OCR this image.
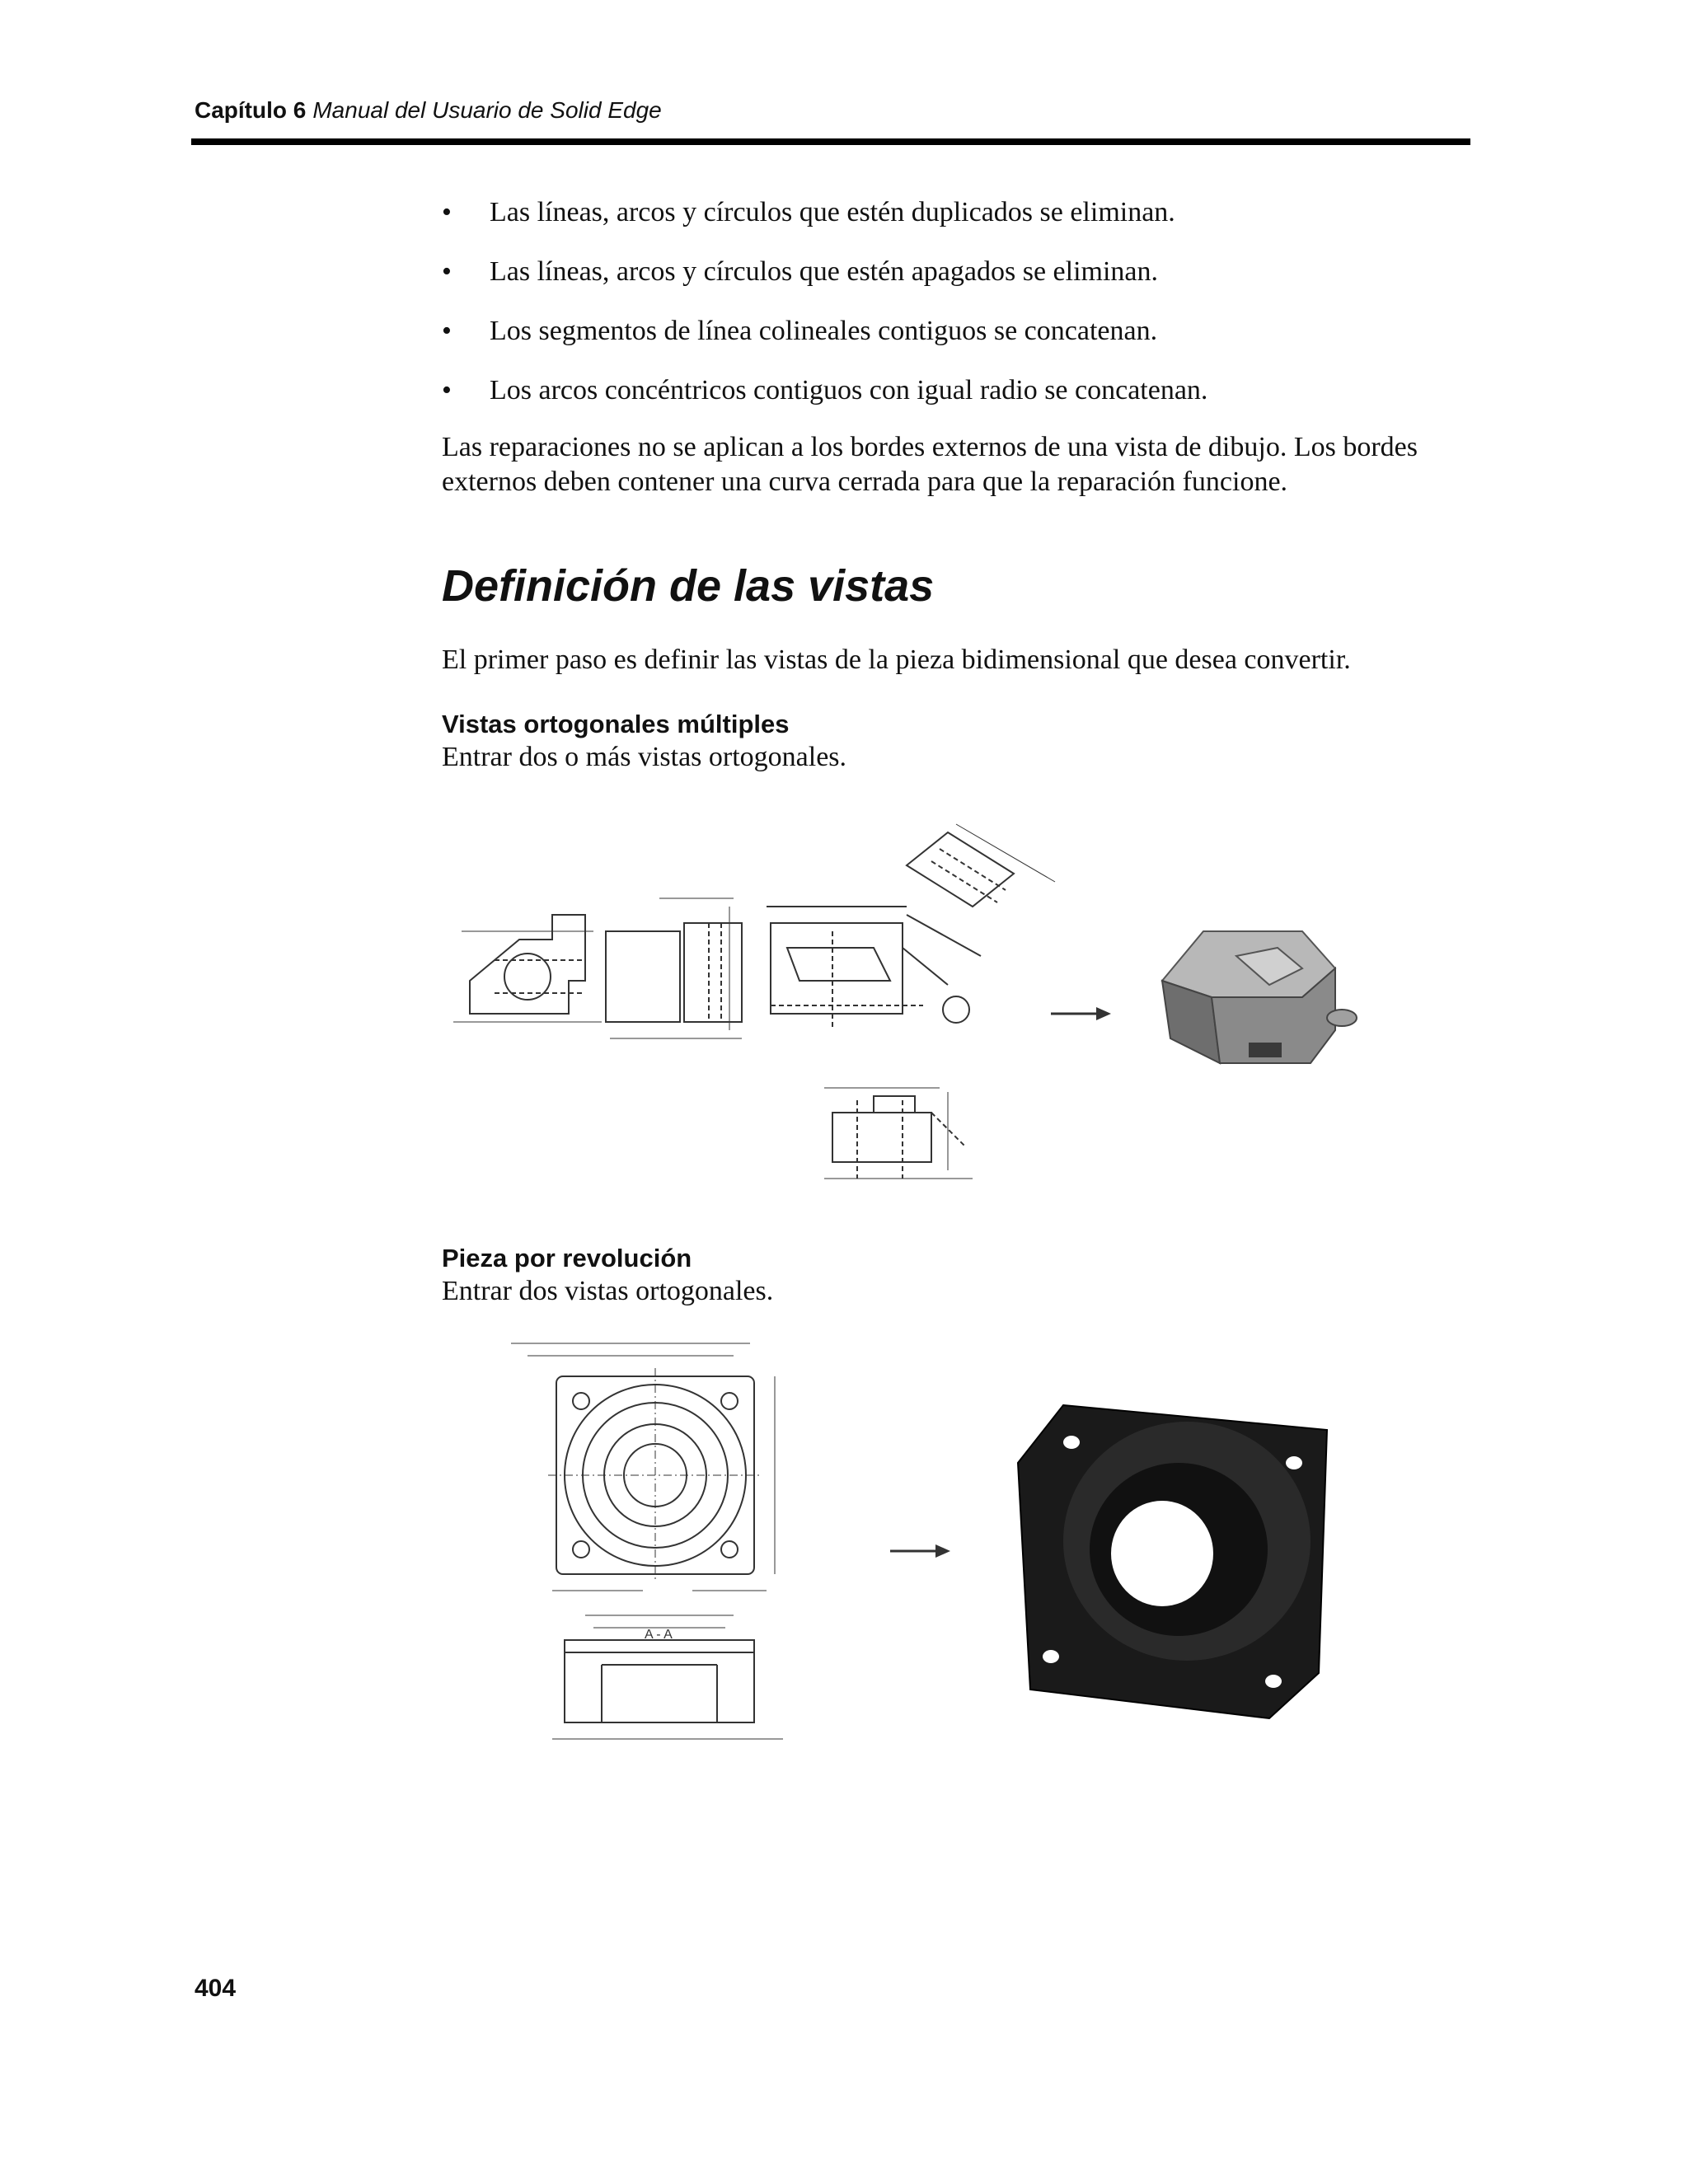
Capítulo 6 Manual del Usuario de Solid Edge
• Las líneas, arcos y círculos que estén duplicados se eliminan.
• Las líneas, arcos y círculos que estén apagados se eliminan.
• Los segmentos de línea colineales contiguos se concatenan.
• Los arcos concéntricos contiguos con igual radio se concatenan.

Las reparaciones no se aplican a los bordes externos de una vista de dibujo. Los bordes externos deben contener una curva cerrada para que la reparación funcione.

Definición de las vistas

El primer paso es definir las vistas de la pieza bidimensional que desea convertir.

Vistas ortogonales múltiples

Entrar dos o más vistas ortogonales.

Pieza por revolución

Entrar dos vistas ortogonales.

A - A
404
